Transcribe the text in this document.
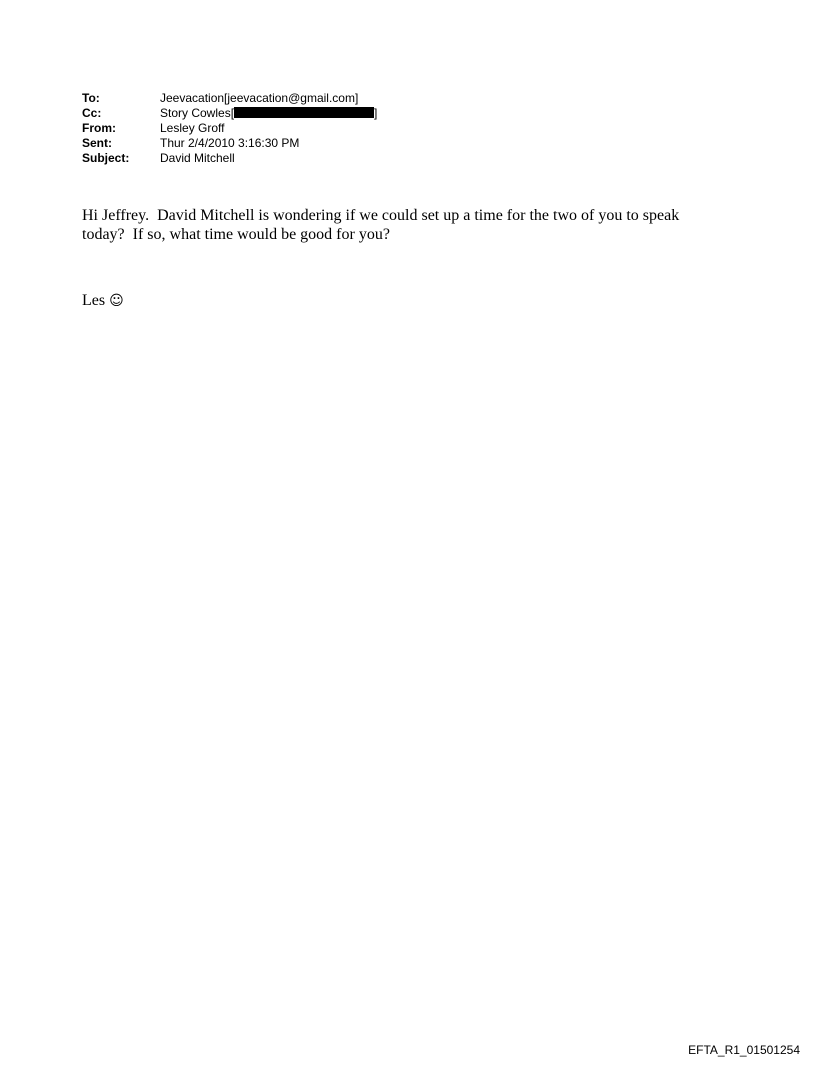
To:	Jeevacation[jeevacation@gmail.com]
Cc:	Story Cowles[	]
From:	Lesley Groff
Sent:	Thur 2/4/2010 3:16:30 PM
Subject:	David Mitchell

Hi Jeffrey.  David Mitchell is wondering if we could set up a time for the two of you to speak

today?  If so, what time would be good for you?

Les ☺
EFTA_R1_01501254
